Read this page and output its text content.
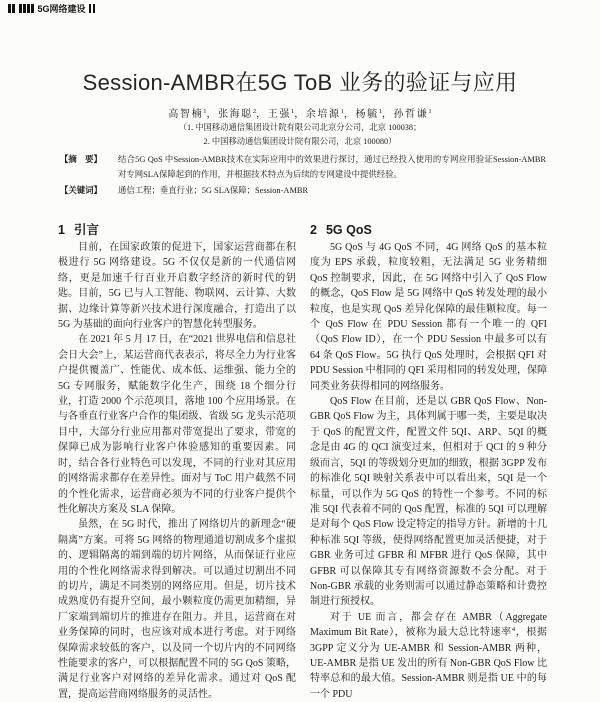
5G网络建设
Session-AMBR在5G ToB 业务的验证与应用
高智楠$^1$，张海聪$^2$，王强$^1$，余培源$^1$，杨毓$^1$，孙哲谦$^1$
（1. 中国移动通信集团设计院有限公司北京分公司，北京 100038；
2. 中国移动通信集团设计院有限公司，北京 100080）
【摘　要】	结合5G QoS 中Session-AMBR技术在实际应用中的效果进行探讨，通过已经投入使用的专网应用验证Session-AMBR对专网SLA保障起到的作用，并根据技术特点为后续的专网建设中提供经验。
【关键词】	通信工程；垂直行业；5G SLA保障；Session-AMBR
1 引言

目前，在国家政策的促进下，国家运营商都在积极进行 5G 网络建设。5G 不仅仅是新的一代通信网络，更是加速千行百业开启数字经济的新时代的钥匙。目前，5G 已与人工智能、物联网、云计算、大数据、边缘计算等新兴技术进行深度融合，打造出了以 5G 为基础的面向行业客户的智慧化转型服务。

在 2021 年 5 月 17 日，在“2021 世界电信和信息社会日大会”上，某运营商代表表示，将尽全力为行业客户提供覆盖广、性能优、成本低、运维强、能力全的 5G 专网服务，赋能数字化生产，围绕 18 个细分行业，打造 2000 个示范项目，落地 100 个应用场景。在与各垂直行业客户合作的集团级、省级 5G 龙头示范项目中，大部分行业应用都对带宽提出了要求，带宽的保障已成为影响行业客户体验感知的重要因素。同时，结合各行业特色可以发现，不同的行业对其应用的网络需求都存在差异性。面对与 ToC 用户截然不同的个性化需求，运营商必须为不同的行业客户提供个性化解决方案及 SLA 保障。

虽然，在 5G 时代，推出了网络切片的新理念“硬隔离”方案。可将 5G 网络的物理通道切割成多个虚拟的、逻辑隔离的端到端的切片网络，从而保证行业应用的个性化网络需求得到解决。可以通过切割出不同的切片，满足不同类别的网络应用。但是，切片技术成熟度仍有提升空间，最小颗粒度仍需更加精细，异厂家端到端切片的推进存在阻力。并且，运营商在对业务保障的同时，也应该对成本进行考虑。对于网络保障需求较低的客户，以及同一个切片内的不同网络性能要求的客户，可以根据配置不同的 5G QoS 策略，满足行业客户对网络的差异化需求。通过对 QoS 配置，提高运营商网络服务的灵活性。

2 5G QoS

5G QoS 与 4G QoS 不同，4G 网络 QoS 的基本粒度为 EPS 承载，粒度较粗，无法满足 5G 业务精细 QoS 控制要求，因此，在 5G 网络中引入了 QoS Flow 的概念，QoS Flow 是 5G 网络中 QoS 转发处理的最小粒度，也是实现 QoS 差异化保障的最佳颗粒度。每一个 QoS Flow 在 PDU Session 都有一个唯一的 QFI（QoS Flow ID），在一个 PDU Session 中最多可以有 64 条 QoS Flow。5G 执行 QoS 处理时，会根据 QFI 对 PDU Session 中相同的 QFI 采用相同的转发处理，保障同类业务获得相同的网络服务。

QoS Flow 在目前，还是以 GBR QoS Flow、Non-GBR QoS Flow 为主，具体判属于哪一类，主要是取决于 QoS 的配置文件，配置文件 5QI、ARP、5QI 的概念是由 4G 的 QCI 演变过来，但相对于 QCI 的 9 种分级而言，5QI 的等级划分更加的细致，根据 3GPP 发布的标准化 5QI 映射关系表中可以看出来，5QI 是一个标量，可以作为 5G QoS 的特性一个参考。不同的标准 5QI 代表着不同的 QoS 配置，标准的 5QI 可以理解是对每个 QoS Flow 设定特定的指导方针。新增的十几种标准 5QI 等级，使得网络配置更加灵活便捷，对于 GBR 业务可过 GFBR 和 MFBR 进行 QoS 保障，其中 GFBR 可以保障其专有网络资源数不会分配。对于 Non-GBR 承载的业务则需可以通过静态策略和计费控制进行预授权。

对于 UE 而言，都会存在 AMBR（Aggregate Maximum Bit Rate），被称为最大总比特速率$^4$，根据 3GPP 定义分为 UE-AMBR 和 Session-AMBR 两种，UE-AMBR 是指 UE 发出的所有 Non-GBR QoS Flow 比特率总和的最大值。Session-AMBR 则是指 UE 中的每一个 PDU
